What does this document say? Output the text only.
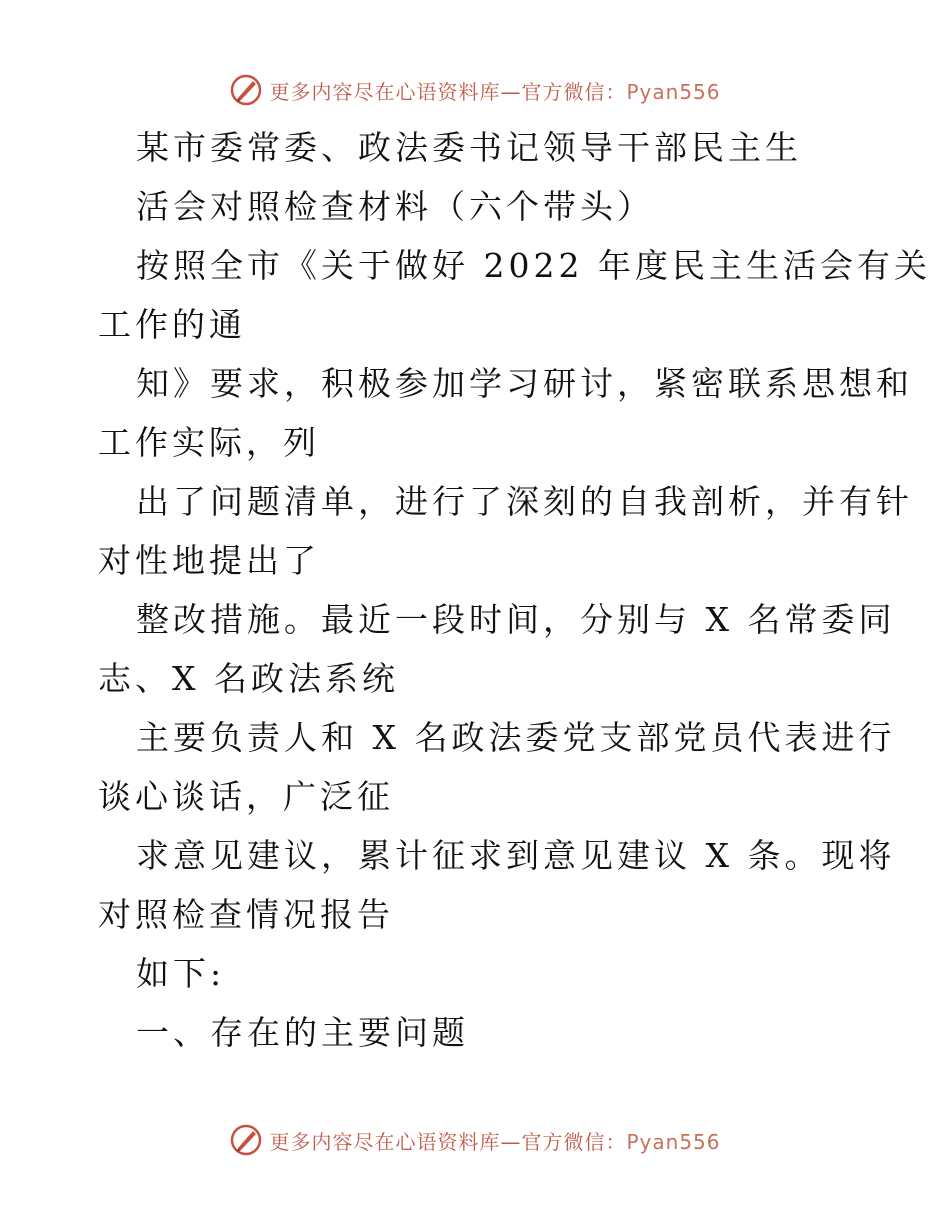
更多内容尽在心语资料库—官方微信：Pyan556
某市委常委、政法委书记领导干部民主生
活会对照检查材料（六个带头）
按照全市《关于做好 2022 年度民主生活会有关
工作的通
知》要求，积极参加学习研讨，紧密联系思想和
工作实际，列
出了问题清单，进行了深刻的自我剖析，并有针
对性地提出了
整改措施。最近一段时间，分别与 X 名常委同
志、X 名政法系统
主要负责人和 X 名政法委党支部党员代表进行
谈心谈话，广泛征
求意见建议，累计征求到意见建议 X 条。现将
对照检查情况报告
如下:
一、存在的主要问题
更多内容尽在心语资料库—官方微信：Pyan556
